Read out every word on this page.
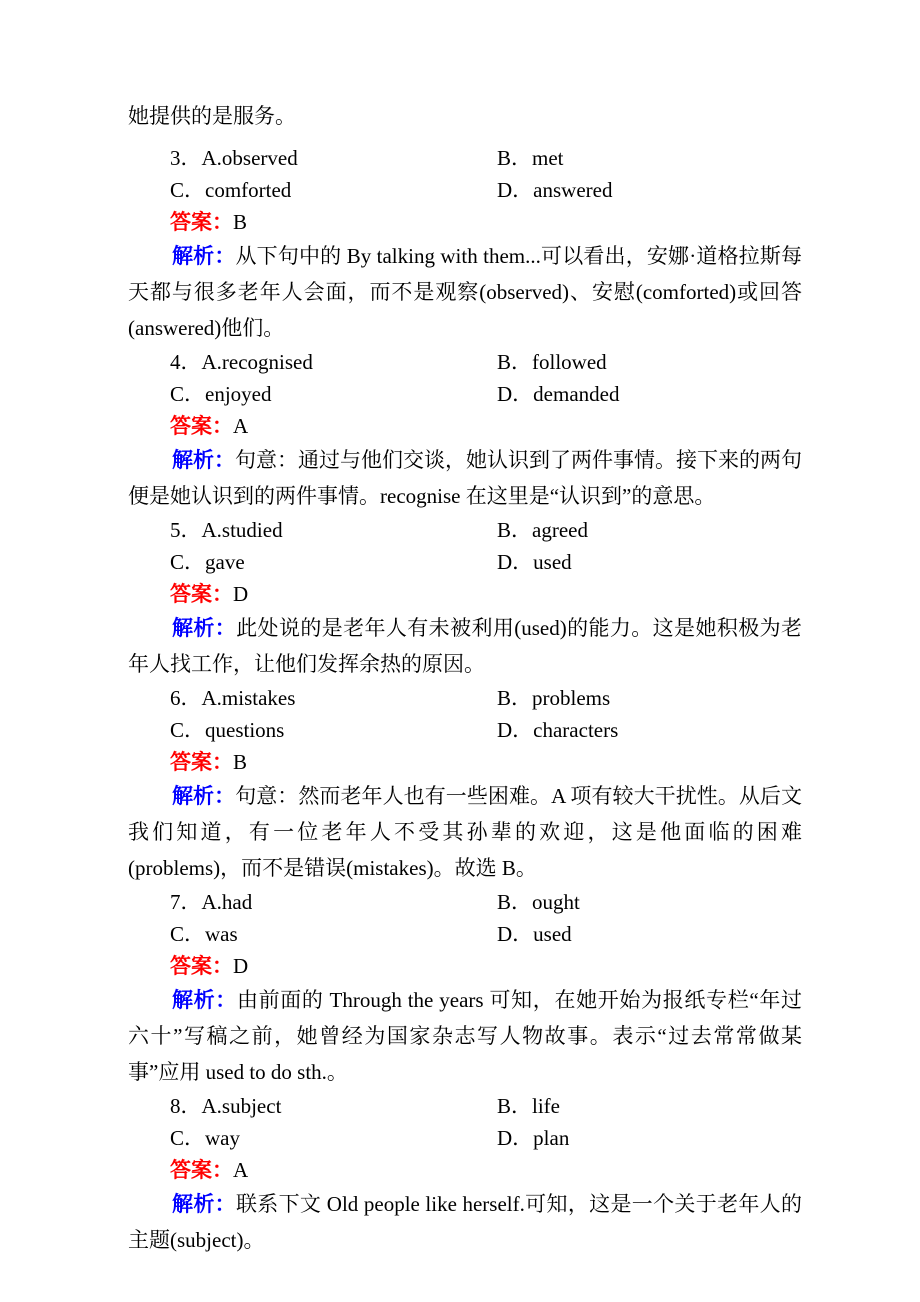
她提供的是服务。

3．A.observed	B．met
C．comforted	D．answered
答案：B

解析：从下句中的 By talking with them...可以看出，安娜·道格拉斯每天都与很多老年人会面，而不是观察(observed)、安慰(comforted)或回答(answered)他们。

4．A.recognised	B．followed
C．enjoyed	D．demanded
答案：A

解析：句意：通过与他们交谈，她认识到了两件事情。接下来的两句便是她认识到的两件事情。recognise 在这里是“认识到”的意思。

5．A.studied	B．agreed
C．gave	D．used
答案：D

解析：此处说的是老年人有未被利用(used)的能力。这是她积极为老年人找工作，让他们发挥余热的原因。

6．A.mistakes	B．problems
C．questions	D．characters
答案：B

解析：句意：然而老年人也有一些困难。A 项有较大干扰性。从后文我们知道，有一位老年人不受其孙辈的欢迎，这是他面临的困难 (problems)，而不是错误(mistakes)。故选 B。

7．A.had	B．ought
C．was	D．used
答案：D

解析：由前面的 Through the years 可知，在她开始为报纸专栏“年过六十”写稿之前，她曾经为国家杂志写人物故事。表示“过去常常做某事”应用 used to do sth.。

8．A.subject	B．life
C．way	D．plan
答案：A

解析：联系下文 Old people like herself.可知，这是一个关于老年人的主题(subject)。
